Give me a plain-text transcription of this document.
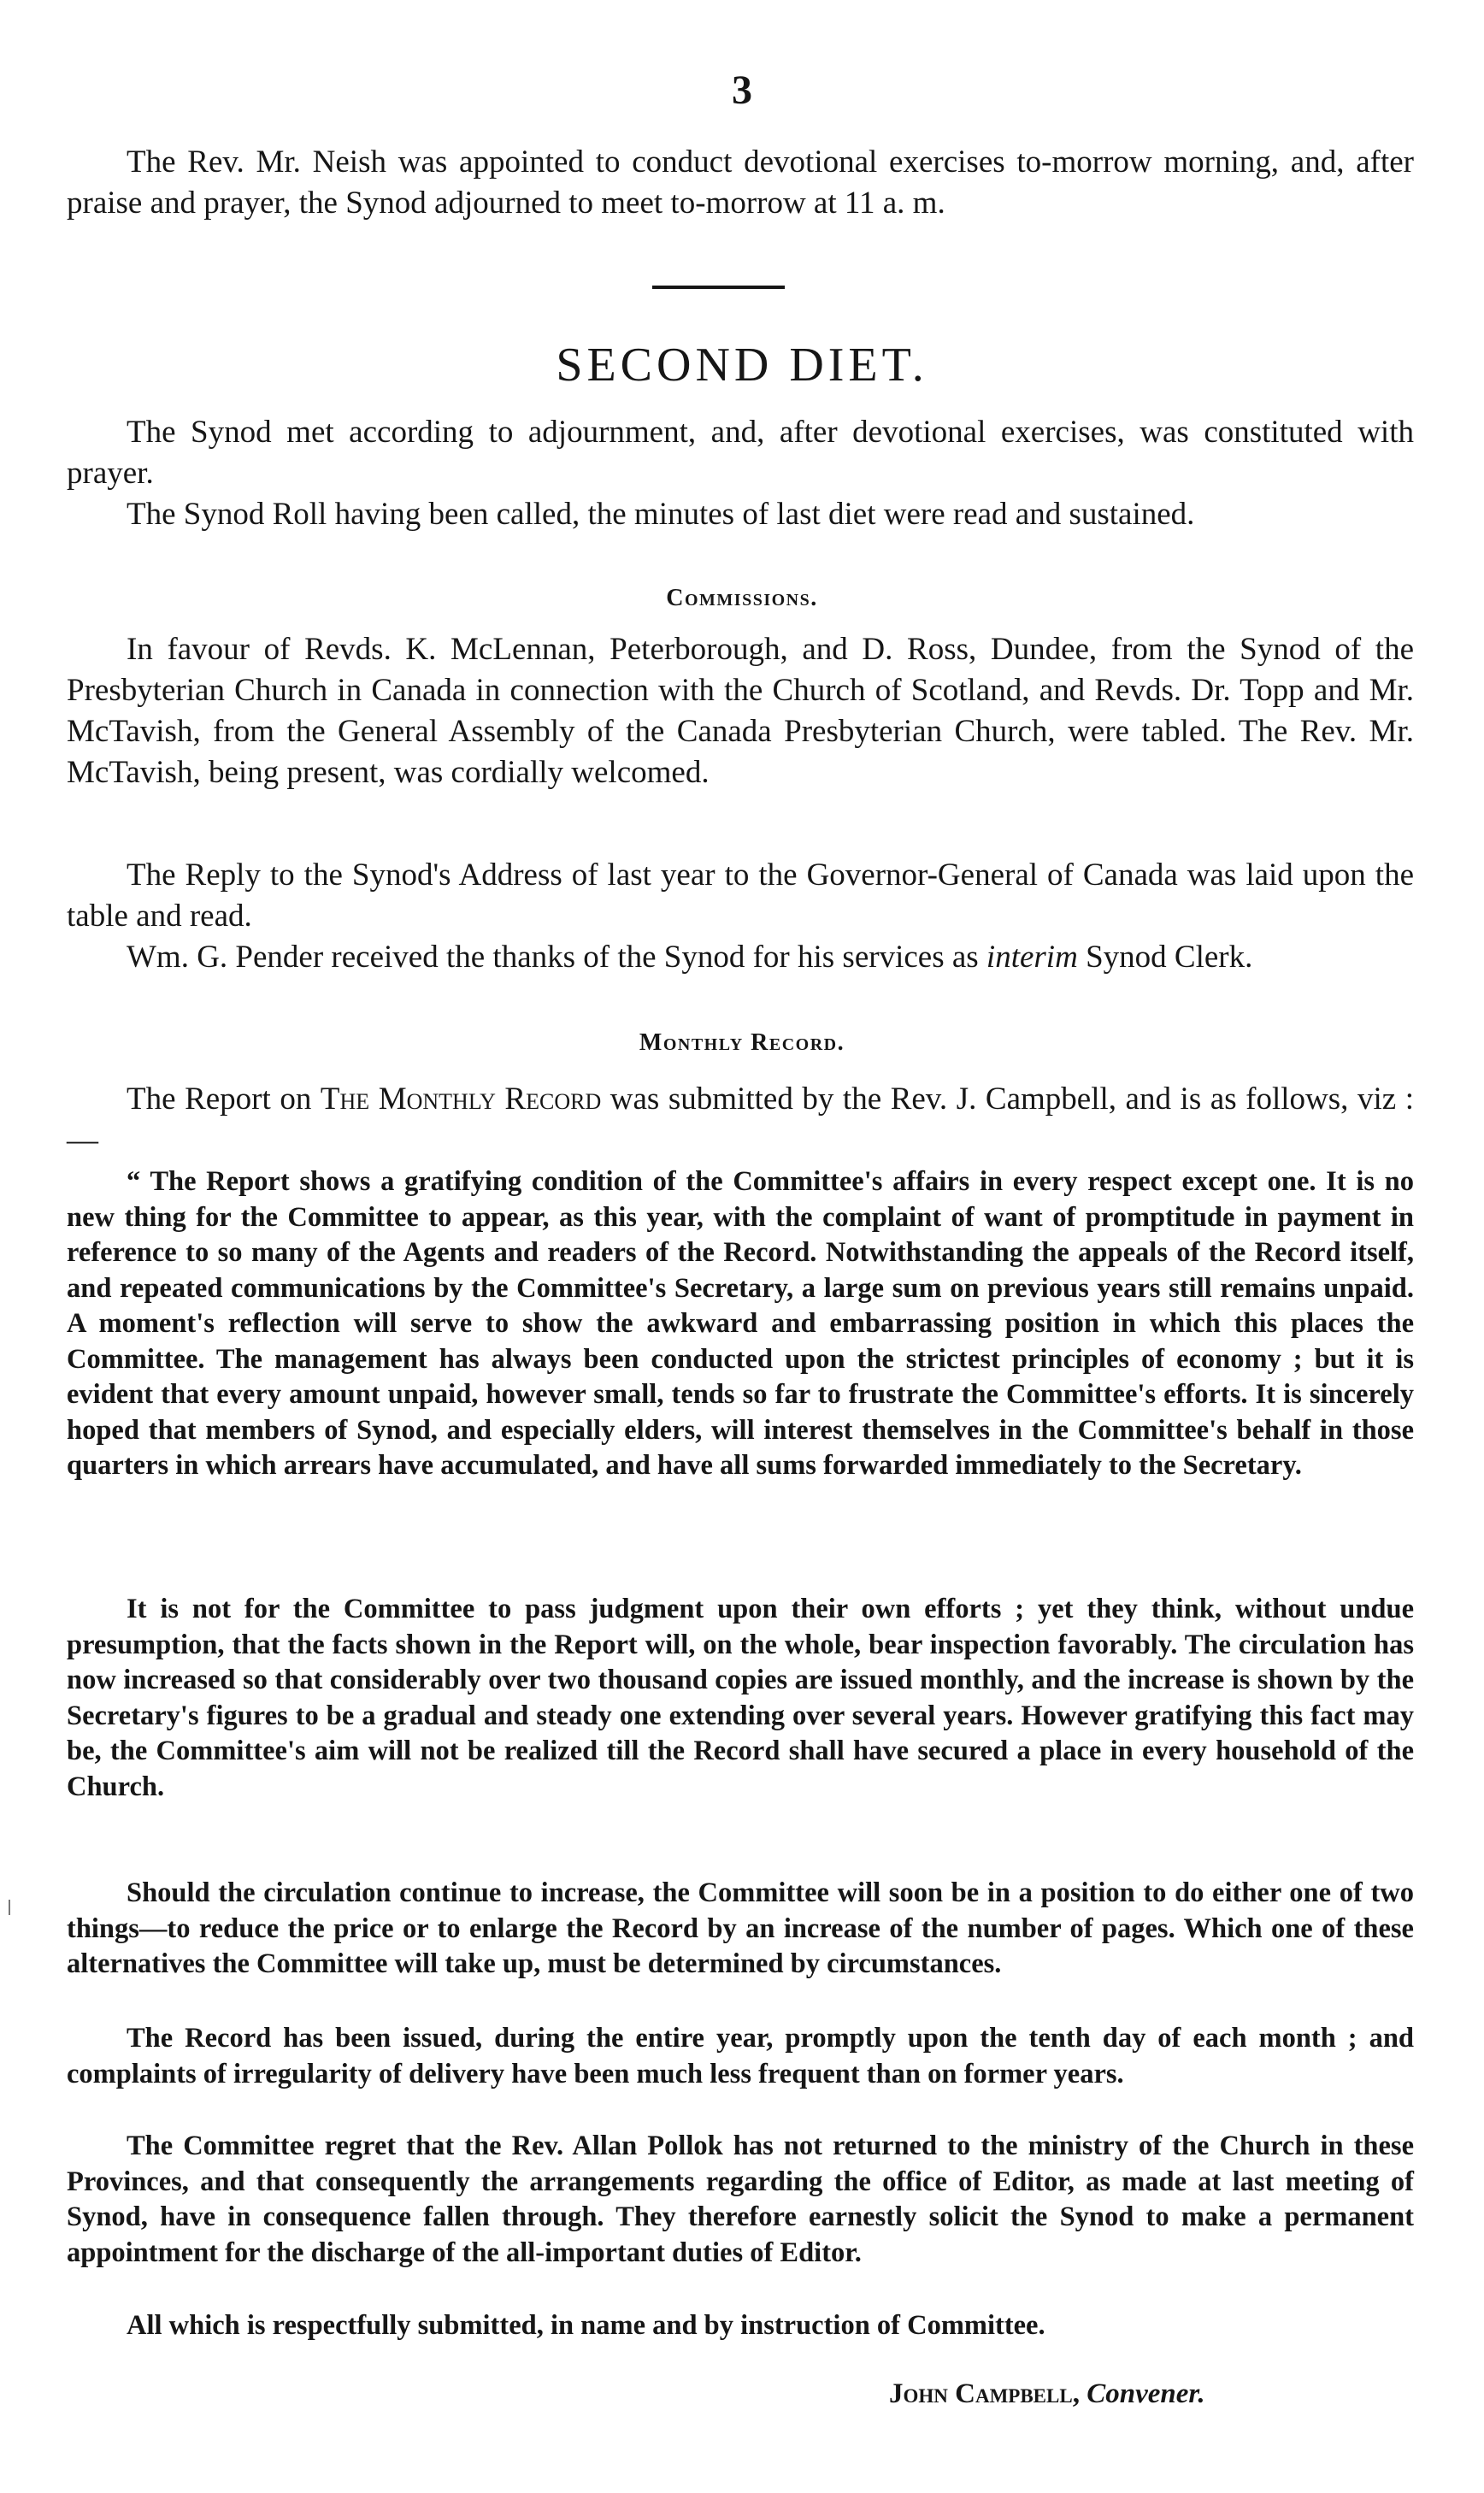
3

The Rev. Mr. Neish was appointed to conduct devotional exercises to-morrow morning, and, after praise and prayer, the Synod adjourned to meet to-morrow at 11 a. m.

SECOND DIET.

The Synod met according to adjournment, and, after devotional exercises, was constituted with prayer.

The Synod Roll having been called, the minutes of last diet were read and sustained.

Commissions.

In favour of Revds. K. McLennan, Peterborough, and D. Ross, Dundee, from the Synod of the Presbyterian Church in Canada in connection with the Church of Scotland, and Revds. Dr. Topp and Mr. McTavish, from the General Assembly of the Canada Presbyterian Church, were tabled. The Rev. Mr. McTavish, being present, was cordially welcomed.

The Reply to the Synod's Address of last year to the Governor-General of Canada was laid upon the table and read.

Wm. G. Pender received the thanks of the Synod for his services as interim Synod Clerk.

Monthly Record.

The Report on The Monthly Record was submitted by the Rev. J. Campbell, and is as follows, viz :—

“ The Report shows a gratifying condition of the Committee's affairs in every respect except one. It is no new thing for the Committee to appear, as this year, with the complaint of want of promptitude in payment in reference to so many of the Agents and readers of the Record. Notwithstanding the appeals of the Record itself, and repeated communications by the Committee's Secretary, a large sum on previous years still remains unpaid. A moment's reflection will serve to show the awkward and embarrassing position in which this places the Committee. The management has always been conducted upon the strictest principles of economy ; but it is evident that every amount unpaid, however small, tends so far to frustrate the Committee's efforts. It is sincerely hoped that members of Synod, and especially elders, will interest themselves in the Committee's behalf in those quarters in which arrears have accumulated, and have all sums forwarded immediately to the Secretary.

It is not for the Committee to pass judgment upon their own efforts ; yet they think, without undue presumption, that the facts shown in the Report will, on the whole, bear inspection favorably. The circulation has now increased so that considerably over two thousand copies are issued monthly, and the increase is shown by the Secretary's figures to be a gradual and steady one extending over several years. However gratifying this fact may be, the Committee's aim will not be realized till the Record shall have secured a place in every household of the Church.

Should the circulation continue to increase, the Committee will soon be in a position to do either one of two things—to reduce the price or to enlarge the Record by an increase of the number of pages. Which one of these alternatives the Committee will take up, must be determined by circumstances.

The Record has been issued, during the entire year, promptly upon the tenth day of each month ; and complaints of irregularity of delivery have been much less frequent than on former years.

The Committee regret that the Rev. Allan Pollok has not returned to the ministry of the Church in these Provinces, and that consequently the arrangements regarding the office of Editor, as made at last meeting of Synod, have in consequence fallen through. They therefore earnestly solicit the Synod to make a permanent appointment for the discharge of the all-important duties of Editor.

All which is respectfully submitted, in name and by instruction of Committee.

John Campbell, Convener.
